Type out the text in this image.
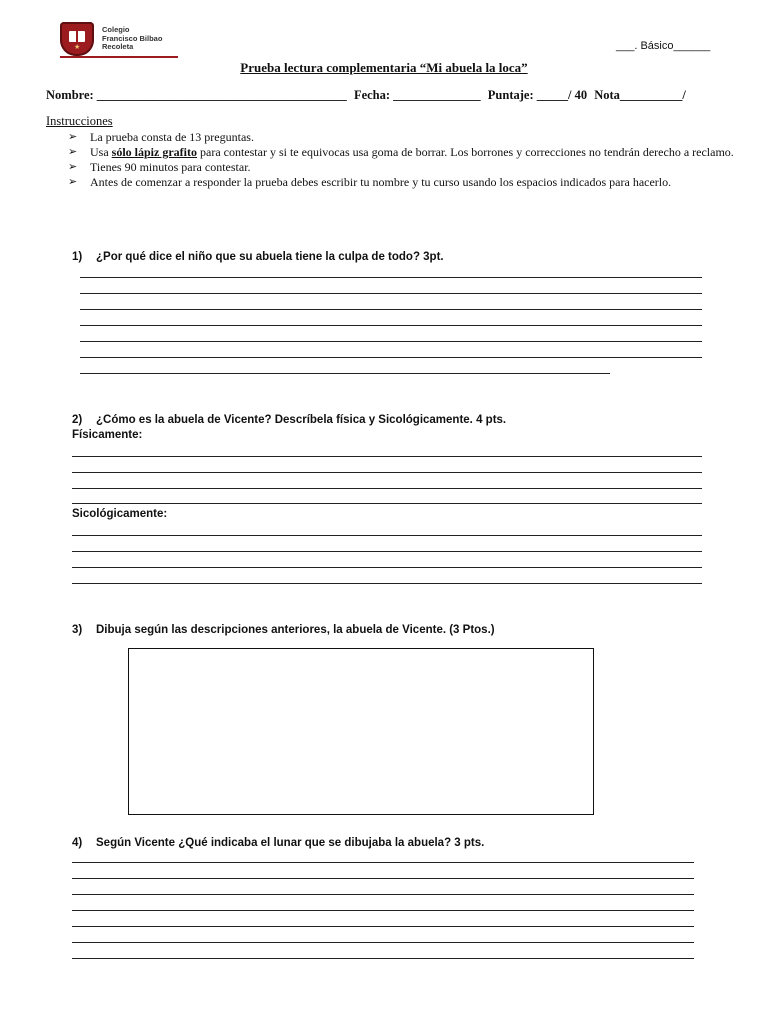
★
Colegio
Francisco Bilbao
Recoleta	___. Básico______
Prueba lectura complementaria “Mi abuela la loca”
Nombre: ________________________________________ Fecha: ______________ Puntaje: _____/ 40 Nota__________/
Instrucciones
➢	La prueba consta de 13 preguntas.
➢	Usa sólo lápiz grafito para contestar y si te equivocas usa goma de borrar. Los borrones y correcciones no tendrán derecho a reclamo.
➢	Tienes 90 minutos para contestar.
➢	Antes de comenzar a responder la prueba debes escribir tu nombre y tu curso usando los espacios indicados para hacerlo.
1) ¿Por qué dice el niño que su abuela tiene la culpa de todo? 3pt.
2) ¿Cómo es la abuela de Vicente? Descríbela física y Sicológicamente. 4 pts.
Físicamente:
Sicológicamente:
3) Dibuja según las descripciones anteriores, la abuela de Vicente. (3 Ptos.)
4) Según Vicente ¿Qué indicaba el lunar que se dibujaba la abuela? 3 pts.
